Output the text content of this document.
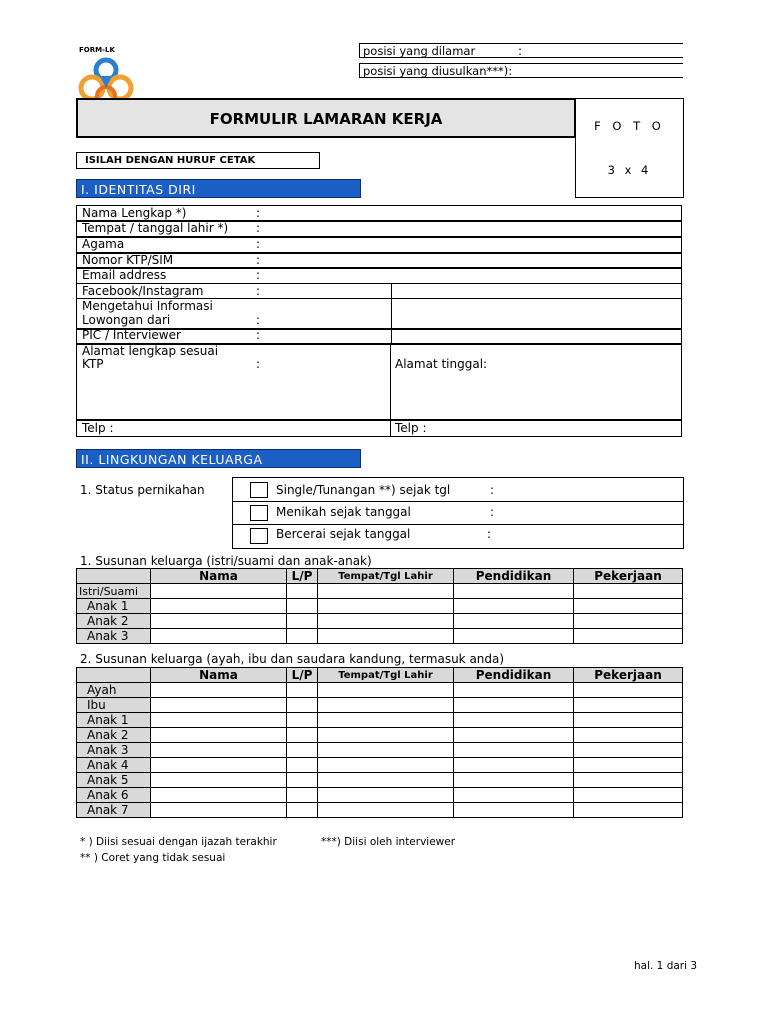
FORM-LK	posisi yang dilamar	:
posisi yang diusulkan***):
FORMULIR LAMARAN KERJA	F O T O
3 x 4
ISILAH DENGAN HURUF CETAK
I. IDENTITAS DIRI
Nama Lengkap *)	:
Tempat / tanggal lahir *) :
Agama	:
Nomor KTP/SIM	:
Email address	:
Facebook/Instagram	:
Mengetahui Informasi
Lowongan dari	:
PIC / Interviewer	:
Alamat lengkap sesuai
KTP	:	Alamat tinggal:
Telp :	Telp :
II. LINGKUNGAN KELUARGA
1. Status pernikahan	Single/Tunangan **) sejak tgl	:
Menikah sejak tanggal	:
Bercerai sejak tanggal	:
1. Susunan keluarga (istri/suami dan anak-anak)
	Nama	L/P	Tempat/Tgl Lahir	Pendidikan	Pekerjaan
Istri/Suami					
Anak 1					
Anak 2					
Anak 3					
2. Susunan keluarga (ayah, ibu dan saudara kandung, termasuk anda)
	Nama	L/P	Tempat/Tgl Lahir	Pendidikan	Pekerjaan
Ayah					
Ibu					
Anak 1					
Anak 2					
Anak 3					
Anak 4					
Anak 5					
Anak 6					
Anak 7					
* ) Diisi sesuai dengan ijazah terakhir	***) Diisi oleh interviewer
** ) Coret yang tidak sesuai
hal. 1 dari 3
